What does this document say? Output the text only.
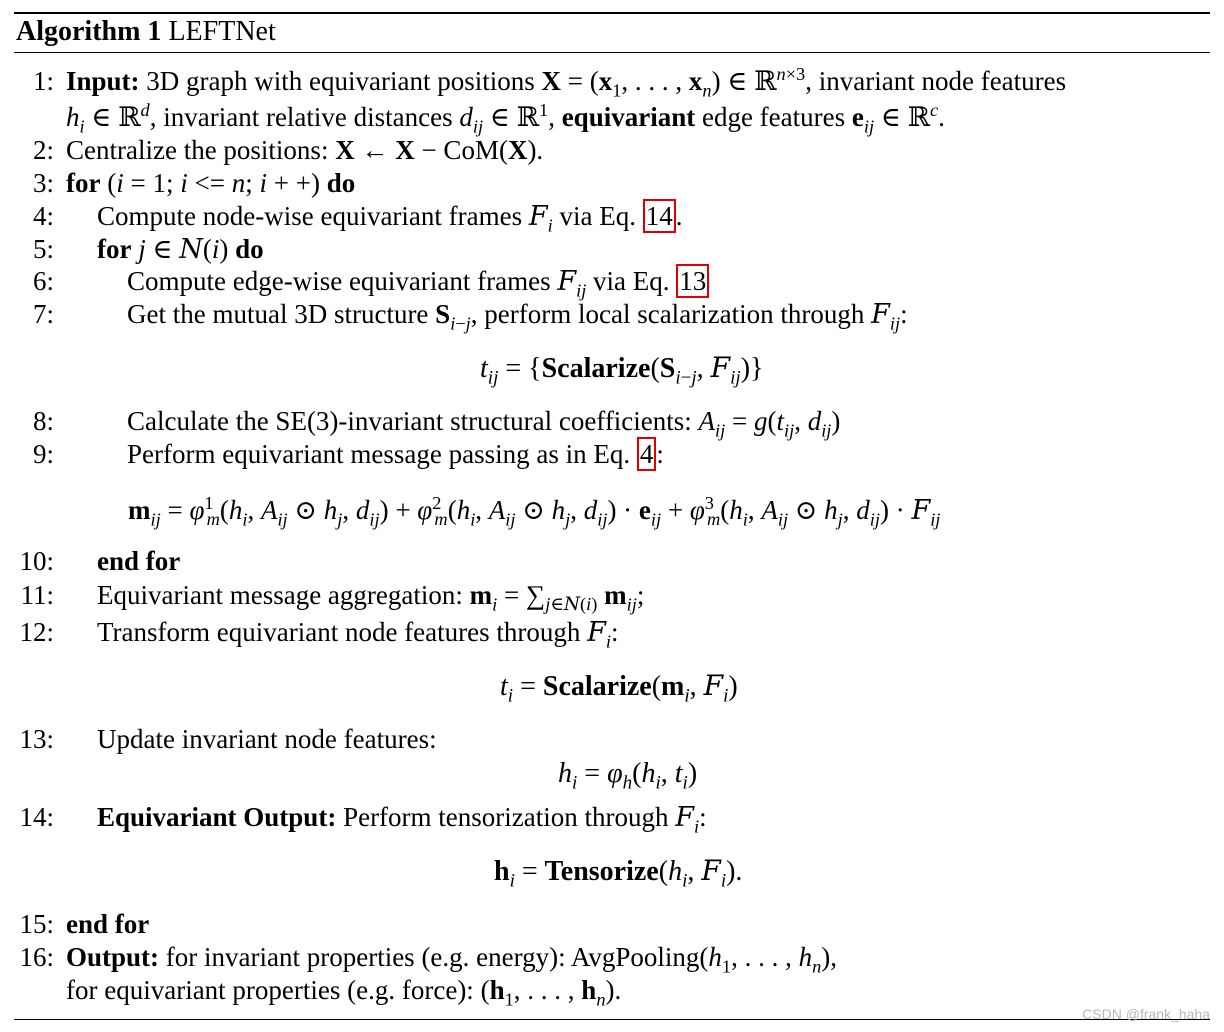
Algorithm 1 LEFTNet
1: Input: 3D graph with equivariant positions $X = (x_1$, . . . , $x_n$) ∈ ℝ$^{n\times 3}$, invariant node features
$h_i$ ∈ ℝ$^d$, invariant relative distances $d_{ij}$ ∈ ℝ$^1$, equivariant edge features $e_{ij}$ ∈ ℝ$^c$.
2: Centralize the positions: X ← X − CoM(X).
3: for (i = 1; i <= n; i + +) do
4: Compute node-wise equivariant frames $F_i$ via Eq. 14 .
5: for j ∈ N(i) do
6:	Compute edge-wise equivariant frames $F_{ij}$ via Eq. 13
7:	Get the mutual 3D structure $S_{i-j}$, perform local scalarization through $F_{ij}$:
$t_{ij}$ = {$Scalarize(S_{i-j}$, $F_{ij}$)}
8:	Calculate the SE(3)-invariant structural coefficients: $A_{ij} = g(t_{ij}$, $d_{ij}$)
9:	Perform equivariant message passing as in Eq. 4 :
$m_{ij} = \varphi^1_m(h_i$, $A_{ij}$ ⊙ $h_j$, $d_{ij}) + \varphi^2_m(h_i$, $A_{ij}$ ⊙ $h_j$, $d_{ij}) \cdot e_{ij} + \varphi^3_m(h_i$, $A_{ij}$ ⊙ $h_j$, $d_{ij}) \cdot F_{ij}$
10: end for
11: Equivariant message aggregation: $m_i = \sum_{j\in N(i)}$ $m_{ij}$;
12: Transform equivariant node features through $F_i$:
$t_i$ = $Scalarize(m_i$, $F_i$)
13: Update invariant node features:
$h_i = \varphi_h(h_i$, $t_i$)
14: Equivariant Output: Perform tensorization through $F_i$:
$h_i$ = $Tensorize(h_i$, $F_i$).
15: end for
16: Output: for invariant properties (e.g. energy): $AvgPooling(h_1$, . . . , $h_n$),
for equivariant properties (e.g. force): ($h_1$, . . . , $h_n$).
CSDN @frank_haha
